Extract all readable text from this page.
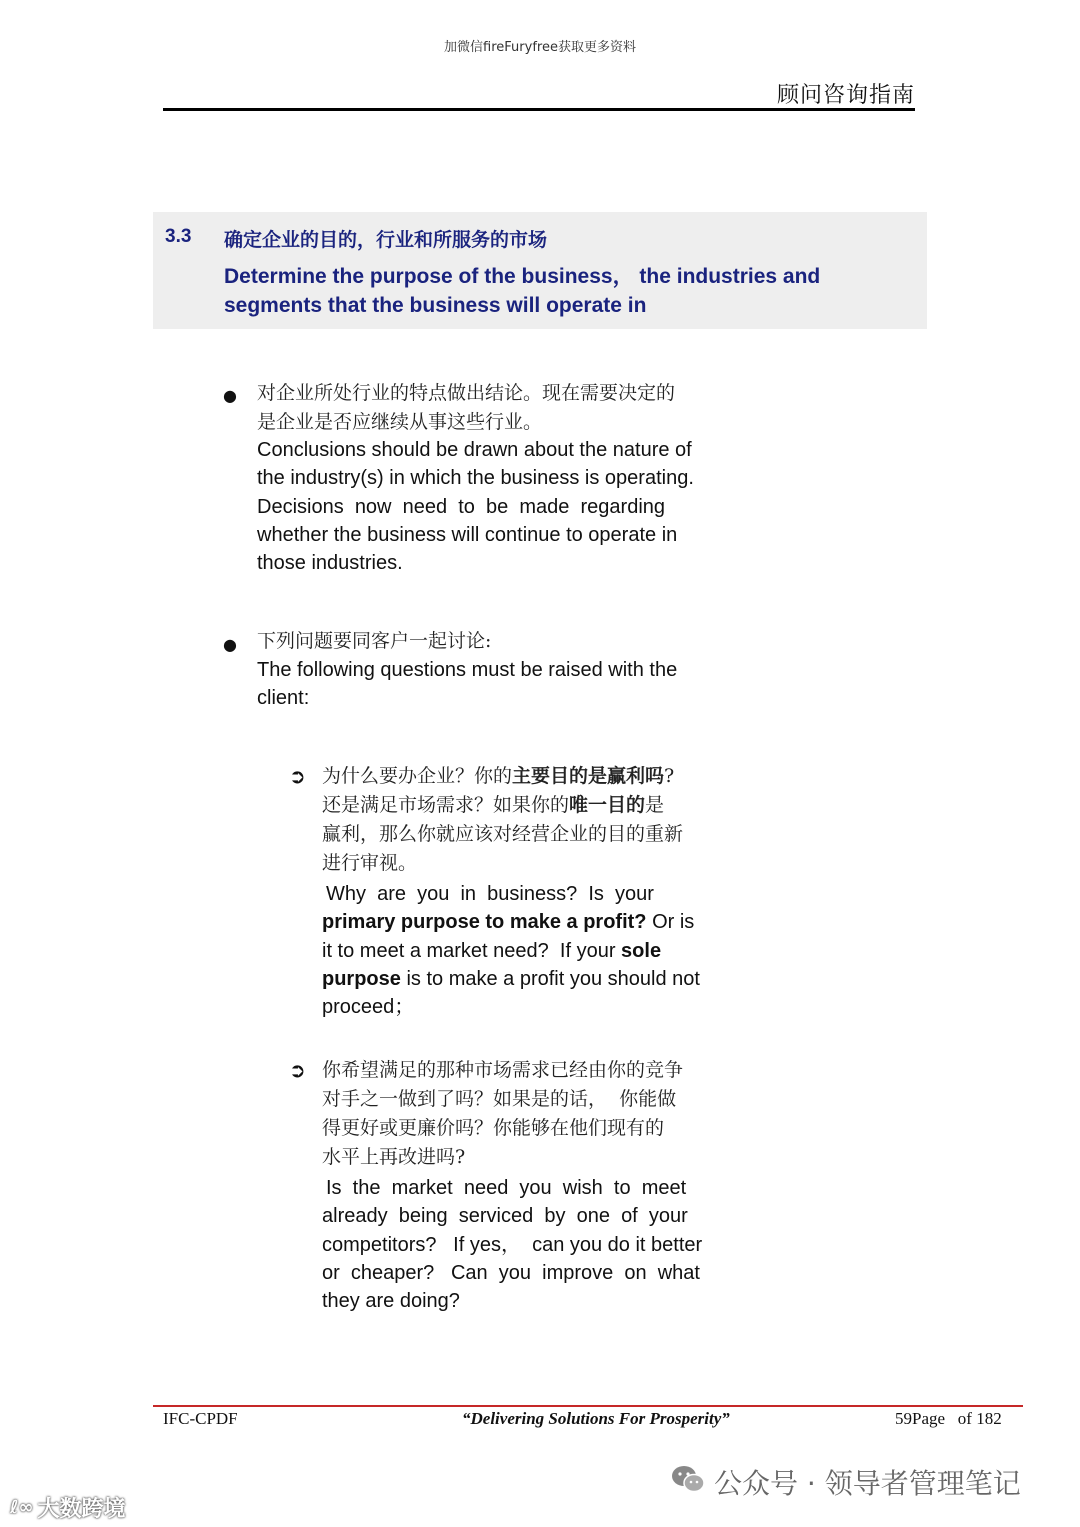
加微信fireFuryfree获取更多资料
顾问咨询指南
3.3 确定企业的目的，行业和所服务的市场
Determine the purpose of the business， the industries and
segments that the business will operate in
● 对企业所处行业的特点做出结论。现在需要决定的
是企业是否应继续从事这些行业。
Conclusions should be drawn about the nature of
the industry(s) in which the business is operating.
Decisions  now  need  to  be  made  regarding
whether the business will continue to operate in
those industries.
● 下列问题要同客户一起讨论:
The following questions must be raised with the
client:
➲ 为什么要办企业？你的主要目的是赢利吗?
还是满足市场需求？如果你的唯一目的是
赢利，那么你就应该对经营企业的目的重新
进行审视。
Why  are  you  in  business?  Is  your
primary purpose to make a profit? Or is
it to meet a market need?  If your sole
purpose is to make a profit you should not
proceed；
➲ 你希望满足的那种市场需求已经由你的竞争
对手之一做到了吗？如果是的话，  你能做
得更好或更廉价吗？你能够在他们现有的
水平上再改进吗?
Is  the  market  need  you  wish  to  meet
already  being  serviced  by  one  of  your
competitors?   If yes，  can you do it better
or  cheaper?   Can  you  improve  on  what
they are doing?
IFC-CPDF	“Delivering Solutions For Prosperity”	59Page of 182
公众号 · 领导者管理笔记
ℓ∞ 大数跨境
